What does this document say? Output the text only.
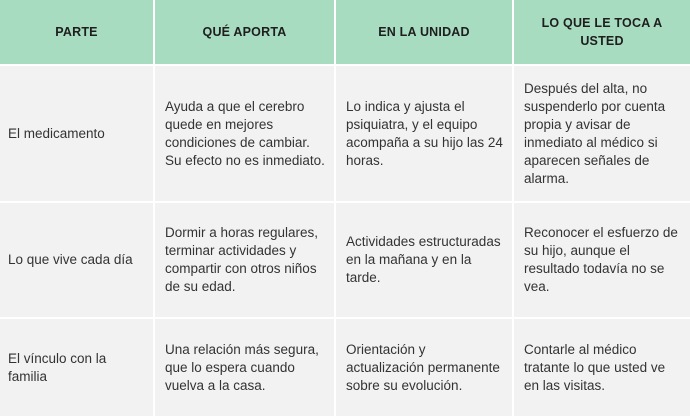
PARTE	QUÉ APORTA	EN LA UNIDAD
LO QUE LE TOCA A USTED
El medicamento
Ayuda a que el cerebro quede en mejores condiciones de cambiar. Su efecto no es inmediato.
Lo indica y ajusta el psiquiatra, y el equipo acompaña a su hijo las 24 horas.
Después del alta, no suspenderlo por cuenta propia y avisar de inmediato al médico si aparecen señales de alarma.
Lo que vive cada día
Dormir a horas regulares, terminar actividades y compartir con otros niños de su edad.
Actividades estructuradas en la mañana y en la tarde.
Reconocer el esfuerzo de su hijo, aunque el resultado todavía no se vea.
El vínculo con la familia
Una relación más segura, que lo espera cuando vuelva a la casa.
Orientación y actualización permanente sobre su evolución.
Contarle al médico tratante lo que usted ve en las visitas.
